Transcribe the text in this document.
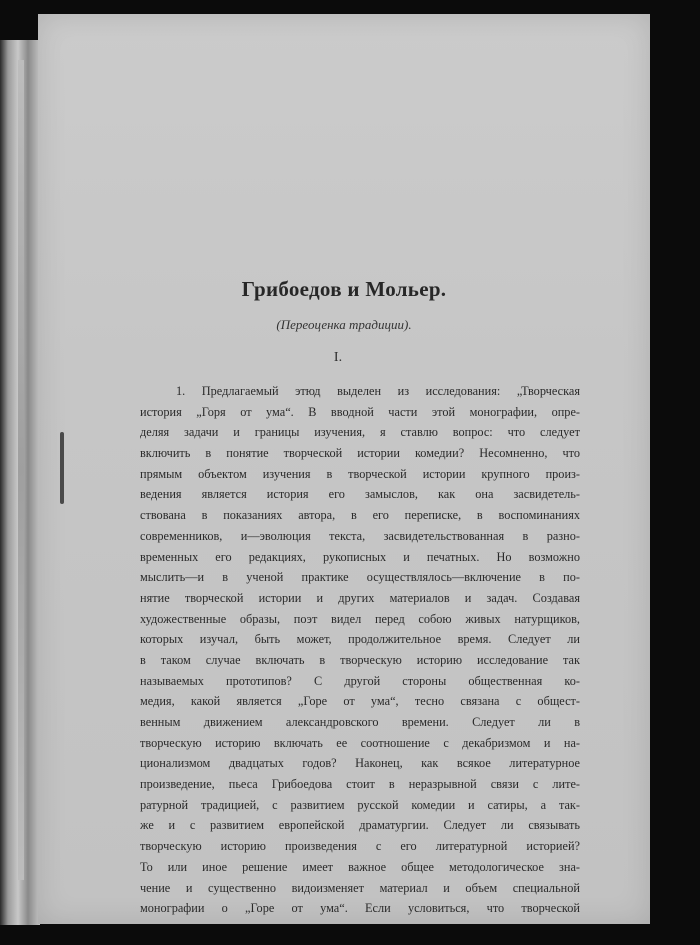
Грибоедов и Мольер.
(Переоценка традиции).
I.
1. Предлагаемый этюд выделен из исследования: „Творческая
история „Горя от ума“. В вводной части этой монографии, опре-
деляя задачи и границы изучения, я ставлю вопрос: что следует
включить в понятие творческой истории комедии? Несомненно, что
прямым объектом изучения в творческой истории крупного произ-
ведения является история его замыслов, как она засвидетель-
ствована в показаниях автора, в его переписке, в воспоминаниях
современников, и—эволюция текста, засвидетельствованная в разно-
временных его редакциях, рукописных и печатных. Но возможно
мыслить—и в ученой практике осуществлялось—включение в по-
нятие творческой истории и других материалов и задач. Создавая
художественные образы, поэт видел перед собою живых натурщиков,
которых изучал, быть может, продолжительное время. Следует ли
в таком случае включать в творческую историю исследование так
называемых прототипов? С другой стороны общественная ко-
медия, какой является „Горе от ума“, тесно связана с общест-
венным движением александровского времени. Следует ли в
творческую историю включать ее соотношение с декабризмом и на-
ционализмом двадцатых годов? Наконец, как всякое литературное
произведение, пьеса Грибоедова стоит в неразрывной связи с лите-
ратурной традицией, с развитием русской комедии и сатиры, а так-
же и с развитием европейской драматургии. Следует ли связывать
творческую историю произведения с его литературной историей?
То или иное решение имеет важное общее методологическое зна-
чение и существенно видоизменяет материал и объем специальной
монографии о „Горе от ума“. Если условиться, что творческой
